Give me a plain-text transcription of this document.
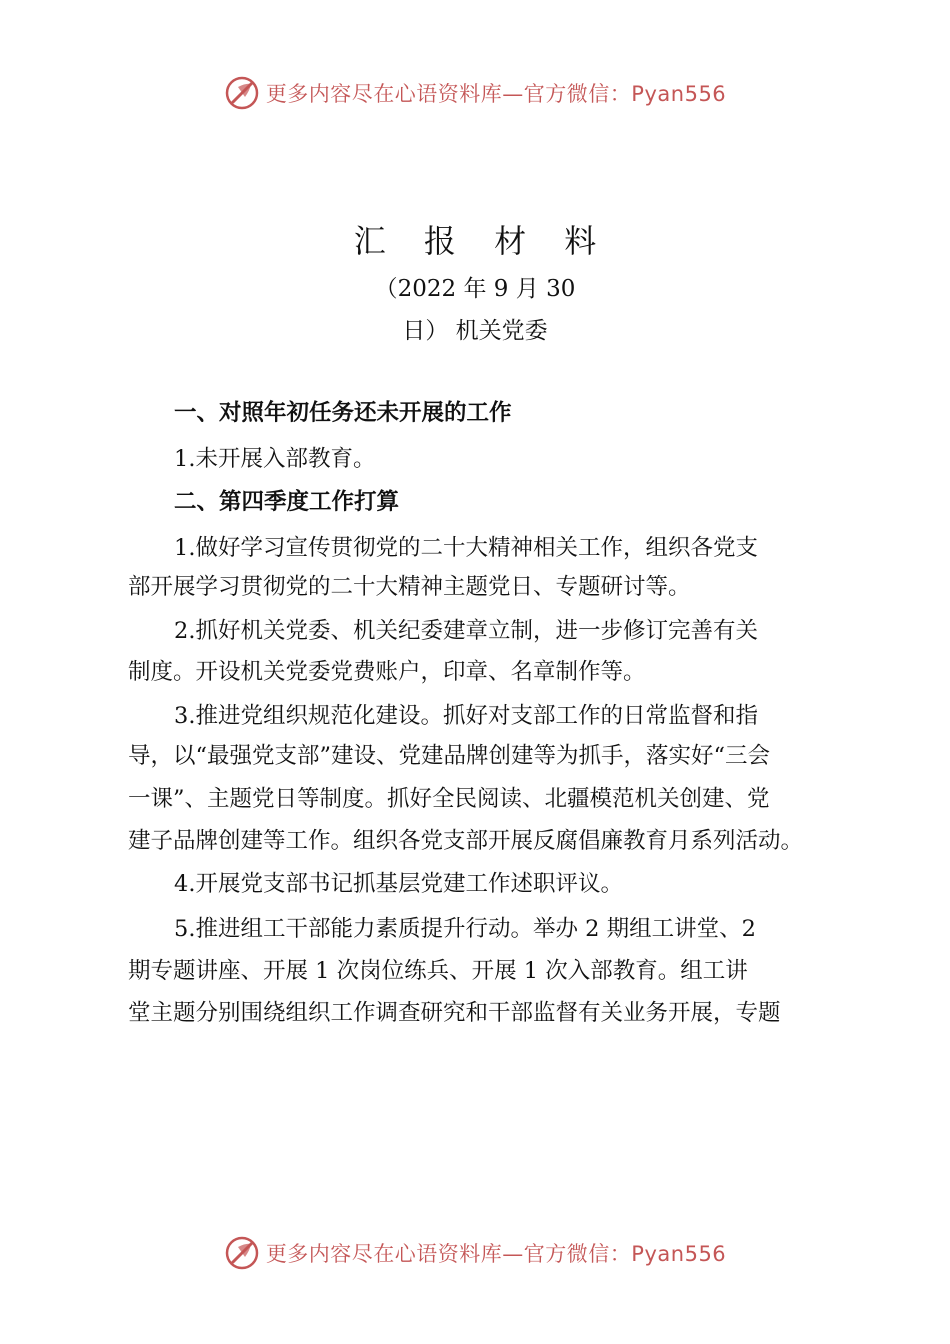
更多内容尽在心语资料库—官方微信：Pyan556
汇 报 材 料
（2022 年 9 月 30
日） 机关党委
一、对照年初任务还未开展的工作
1.未开展入部教育。
二、第四季度工作打算
1.做好学习宣传贯彻党的二十大精神相关工作，组织各党支
部开展学习贯彻党的二十大精神主题党日、专题研讨等。
2.抓好机关党委、机关纪委建章立制，进一步修订完善有关
制度。开设机关党委党费账户，印章、名章制作等。
3.推进党组织规范化建设。抓好对支部工作的日常监督和指
导，以“最强党支部”建设、党建品牌创建等为抓手，落实好“三会
一课”、主题党日等制度。抓好全民阅读、北疆模范机关创建、党
建子品牌创建等工作。组织各党支部开展反腐倡廉教育月系列活动。
4.开展党支部书记抓基层党建工作述职评议。
5.推进组工干部能力素质提升行动。举办 2 期组工讲堂、2
期专题讲座、开展 1 次岗位练兵、开展 1 次入部教育。组工讲
堂主题分别围绕组织工作调查研究和干部监督有关业务开展，专题
更多内容尽在心语资料库—官方微信：Pyan556
